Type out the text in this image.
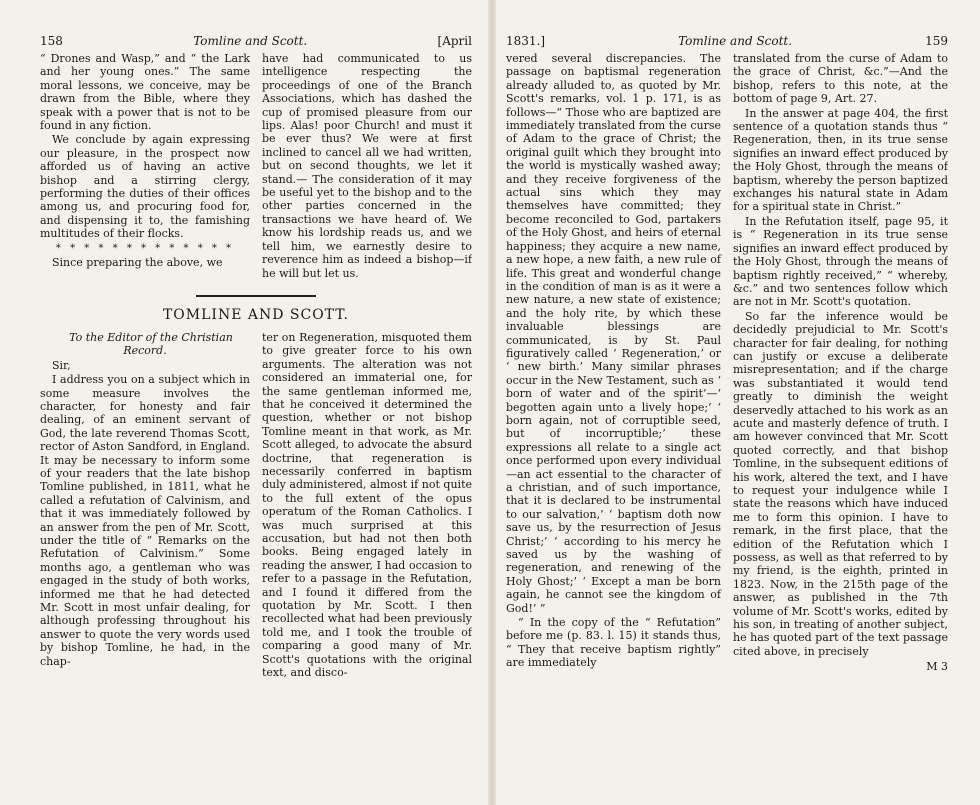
158	Tomline and Scott.	[April

“ Drones and Wasp,” and “ the Lark and her young ones.” The same moral lessons, we conceive, may be drawn from the Bible, where they speak with a power that is not to be found in any fiction.

We conclude by again expressing our pleasure, in the prospect now afforded us of having an active bishop and a stirring clergy, performing the duties of their offices among us, and procuring food for, and dispensing it to, the famishing multitudes of their flocks.

* * * * * * * * * * * * *

Since preparing the above, we

have had communicated to us intelligence respecting the proceedings of one of the Branch Associations, which has dashed the cup of promised pleasure from our lips. Alas! poor Church! and must it be ever thus? We were at first inclined to cancel all we had written, but on second thoughts, we let it stand.— The consideration of it may be useful yet to the bishop and to the other parties concerned in the transactions we have heard of. We know his lordship reads us, and we tell him, we earnestly desire to reverence him as indeed a bishop—if he will but let us.

TOMLINE AND SCOTT.

To the Editor of the Christian Record.

Sir,

I address you on a subject which in some measure involves the character, for honesty and fair dealing, of an eminent servant of God, the late reverend Thomas Scott, rector of Aston Sandford, in England. It may be necessary to inform some of your readers that the late bishop Tomline published, in 1811, what he called a refutation of Calvinism, and that it was immediately followed by an answer from the pen of Mr. Scott, under the title of “ Remarks on the Refutation of Calvinism.” Some months ago, a gentleman who was engaged in the study of both works, informed me that he had detected Mr. Scott in most unfair dealing, for although professing throughout his answer to quote the very words used by bishop Tomline, he had, in the chap-

ter on Regeneration, misquoted them to give greater force to his own arguments. The alteration was not considered an immaterial one, for the same gentleman informed me, that he conceived it determined the question, whether or not bishop Tomline meant in that work, as Mr. Scott alleged, to advocate the absurd doctrine, that regeneration is necessarily conferred in baptism duly administered, almost if not quite to the full extent of the opus operatum of the Roman Catholics. I was much surprised at this accusation, but had not then both books. Being engaged lately in reading the answer, I had occasion to refer to a passage in the Refutation, and I found it differed from the quotation by Mr. Scott. I then recollected what had been previously told me, and I took the trouble of comparing a good many of Mr. Scott's quotations with the original text, and disco-

1831.]	Tomline and Scott.	159

vered several discrepancies. The passage on baptismal regeneration already alluded to, as quoted by Mr. Scott's remarks, vol. 1 p. 171, is as follows—“ Those who are baptized are immediately translated from the curse of Adam to the grace of Christ; the original guilt which they brought into the world is mystically washed away; and they receive forgiveness of the actual sins which they may themselves have committed; they become reconciled to God, partakers of the Holy Ghost, and heirs of eternal happiness; they acquire a new name, a new hope, a new faith, a new rule of life. This great and wonderful change in the condition of man is as it were a new nature, a new state of existence; and the holy rite, by which these invaluable blessings are communicated, is by St. Paul figuratively called ‘ Regeneration,’ or ‘ new birth.’ Many similar phrases occur in the New Testament, such as ‘ born of water and of the spirit’—‘ begotten again unto a lively hope;’ ‘ born again, not of corruptible seed, but of incorruptible;’ these expressions all relate to a single act once performed upon every individual—an act essential to the character of a christian, and of such importance, that it is declared to be instrumental to our salvation,’ ‘ baptism doth now save us, by the resurrection of Jesus Christ;’ ‘ according to his mercy he saved us by the washing of regeneration, and renewing of the Holy Ghost;’ ‘ Except a man be born again, he cannot see the kingdom of God!’ ”

“ In the copy of the “ Refutation” before me (p. 83. l. 15) it stands thus, “ They that receive baptism rightly” are immediately

translated from the curse of Adam to the grace of Christ, &c.”—And the bishop, refers to this note, at the bottom of page 9, Art. 27.

In the answer at page 404, the first sentence of a quotation stands thus “ Regeneration, then, in its true sense signifies an inward effect produced by the Holy Ghost, through the means of baptism, whereby the person baptized exchanges his natural state in Adam for a spiritual state in Christ.”

In the Refutation itself, page 95, it is “ Regeneration in its true sense signifies an inward effect produced by the Holy Ghost, through the means of baptism rightly received,” “ whereby, &c.” and two sentences follow which are not in Mr. Scott's quotation.

So far the inference would be decidedly prejudicial to Mr. Scott's character for fair dealing, for nothing can justify or excuse a deliberate misrepresentation; and if the charge was substantiated it would tend greatly to diminish the weight deservedly attached to his work as an acute and masterly defence of truth. I am however convinced that Mr. Scott quoted correctly, and that bishop Tomline, in the subsequent editions of his work, altered the text, and I have to request your indulgence while I state the reasons which have induced me to form this opinion. I have to remark, in the first place, that the edition of the Refutation which I possess, as well as that referred to by my friend, is the eighth, printed in 1823. Now, in the 215th page of the answer, as published in the 7th volume of Mr. Scott's works, edited by his son, in treating of another subject, he has quoted part of the text passage cited above, in precisely

M 3
